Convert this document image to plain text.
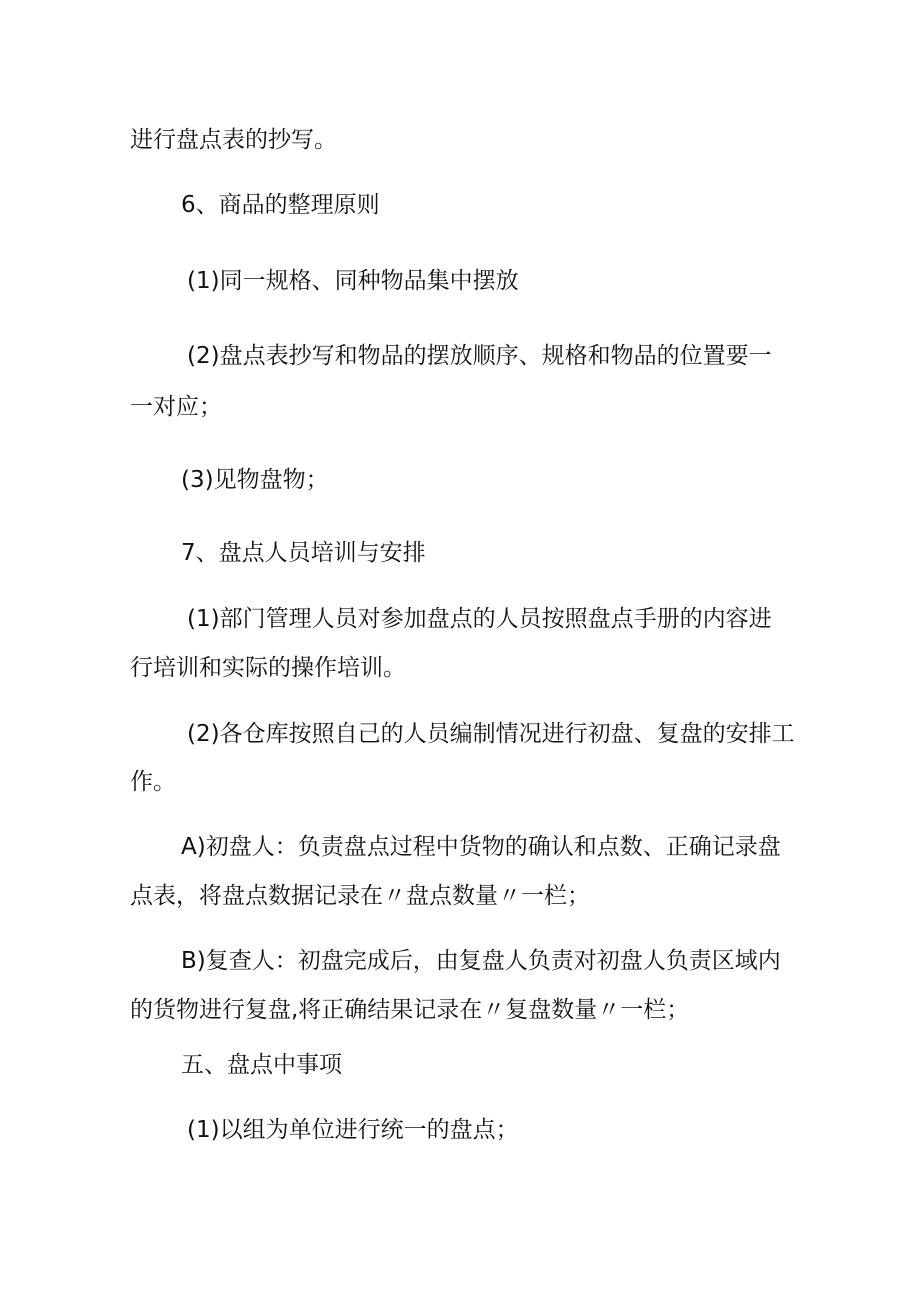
进行盘点表的抄写。
6、商品的整理原则
(1)同一规格、同种物品集中摆放
(2)盘点表抄写和物品的摆放顺序、规格和物品的位置要一
一对应；
(3)见物盘物；
7、盘点人员培训与安排
(1)部门管理人员对参加盘点的人员按照盘点手册的内容进
行培训和实际的操作培训。
(2)各仓库按照自己的人员编制情况进行初盘、复盘的安排工
作。
A)初盘人：负责盘点过程中货物的确认和点数、正确记录盘
点表，将盘点数据记录在〃盘点数量〃一栏；
B)复查人：初盘完成后，由复盘人负责对初盘人负责区域内
的货物进行复盘,将正确结果记录在〃复盘数量〃一栏；
五、盘点中事项
(1)以组为单位进行统一的盘点；
